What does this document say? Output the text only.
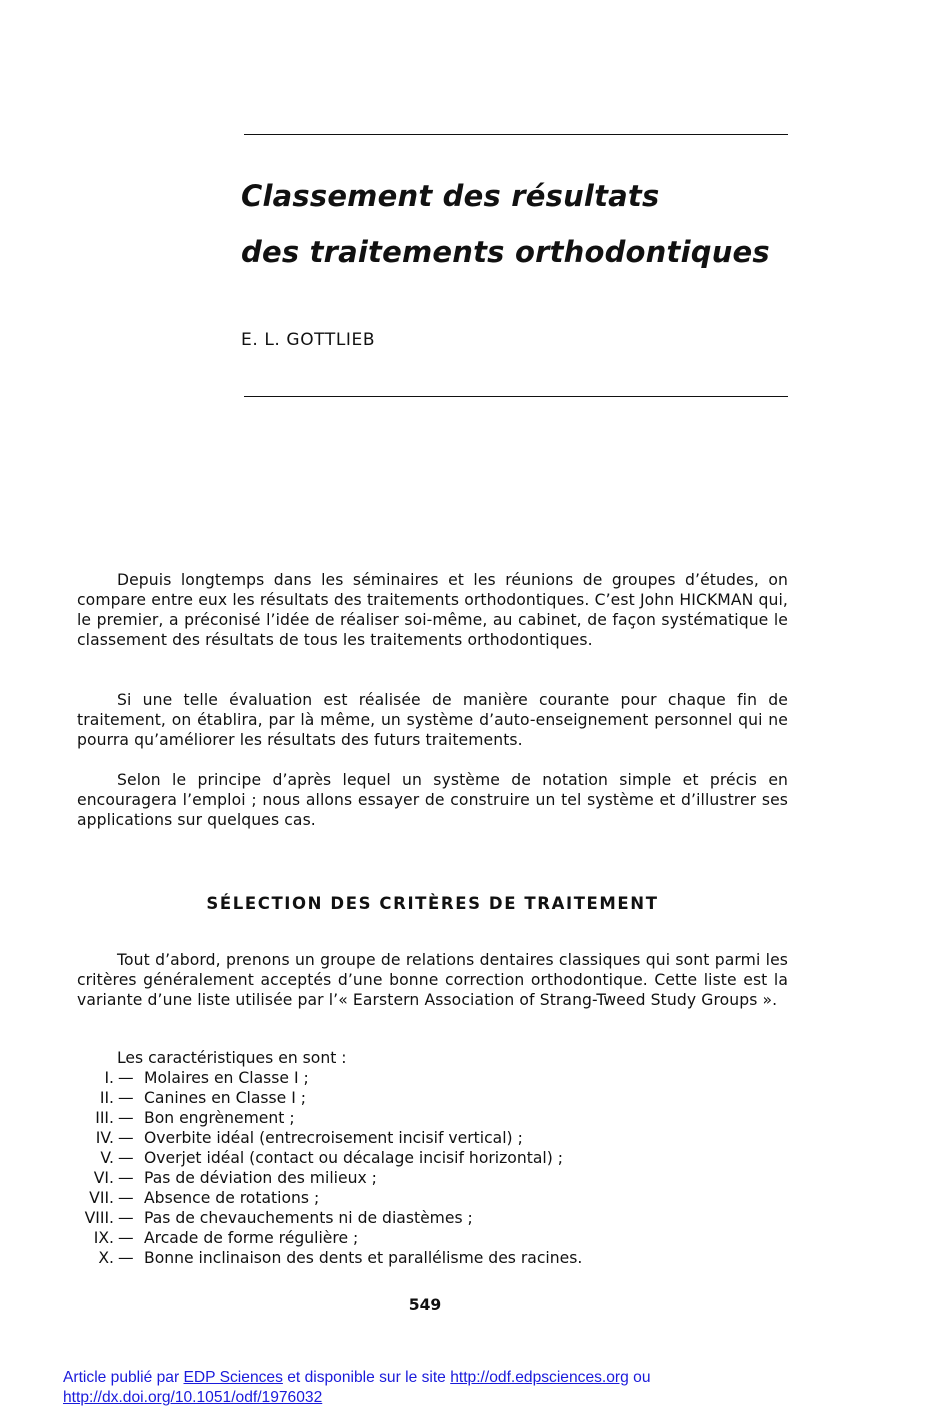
Classement des résultats
des traitements orthodontiques
E. L. GOTTLIEB

Depuis longtemps dans les séminaires et les réunions de groupes d’études, on compare entre eux les résultats des traitements orthodontiques. C’est John HICKMAN qui, le premier, a préconisé l’idée de réaliser soi-même, au cabinet, de façon systématique le classement des résultats de tous les traitements orthodontiques.

Si une telle évaluation est réalisée de manière courante pour chaque fin de traitement, on établira, par là même, un système d’auto-enseignement personnel qui ne pourra qu’améliorer les résultats des futurs traitements.

Selon le principe d’après lequel un système de notation simple et précis en encouragera l’emploi ; nous allons essayer de construire un tel système et d’illustrer ses applications sur quelques cas.

SÉLECTION DES CRITÈRES DE TRAITEMENT

Tout d’abord, prenons un groupe de relations dentaires classiques qui sont parmi les critères généralement acceptés d’une bonne correction orthodontique. Cette liste est la variante d’une liste utilisée par l’« Earstern Association of Strang-Tweed Study Groups ».

Les caractéristiques en sont :
I. — Molaires en Classe I ;
II. — Canines en Classe I ;
III. — Bon engrènement ;
IV. — Overbite idéal (entrecroisement incisif vertical) ;
V. — Overjet idéal (contact ou décalage incisif horizontal) ;
VI. — Pas de déviation des milieux ;
VII. — Absence de rotations ;
VIII. — Pas de chevauchements ni de diastèmes ;
IX. — Arcade de forme régulière ;
X. — Bonne inclinaison des dents et parallélisme des racines.
549
Article publié par EDP Sciences et disponible sur le site http://odf.edpsciences.org ou
http://dx.doi.org/10.1051/odf/1976032
